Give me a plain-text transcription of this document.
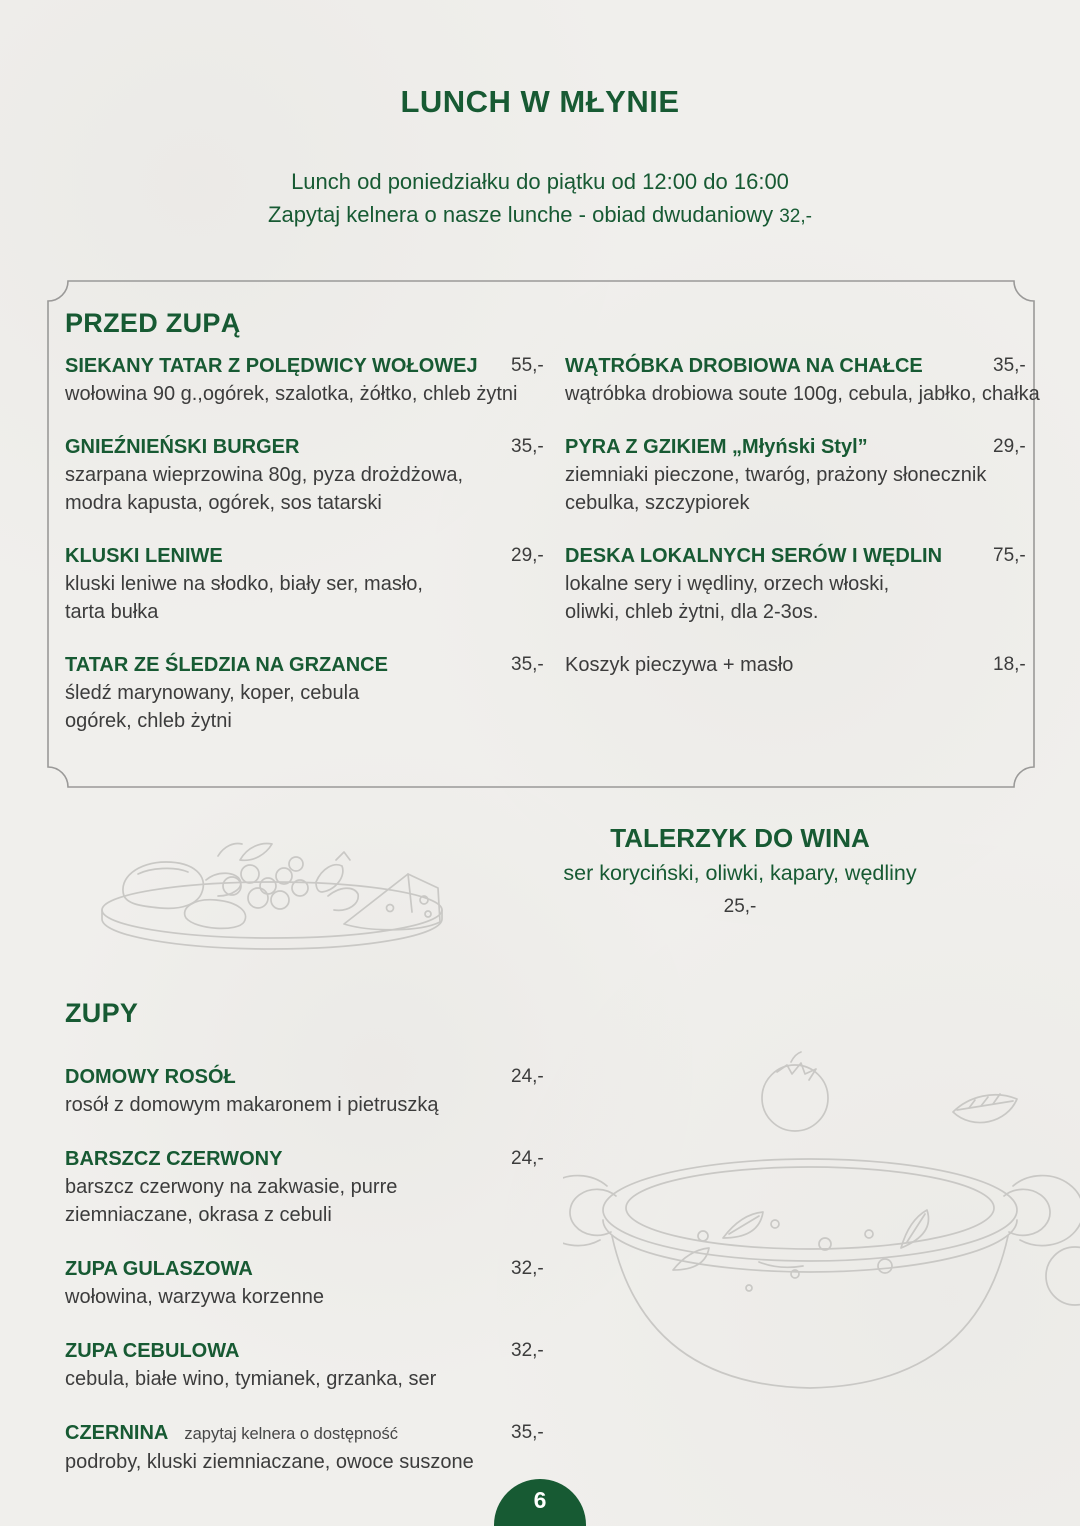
LUNCH W MŁYNIE
Lunch od poniedziałku do piątku od 12:00 do 16:00
Zapytaj kelnera o nasze lunche - obiad dwudaniowy 32,-
PRZED ZUPĄ
SIEKANY TATAR Z POLĘDWICY WOŁOWEJ 55,-
wołowina 90 g.,ogórek, szalotka, żółtko, chleb żytni
GNIEŹNIEŃSKI BURGER	35,-
szarpana wieprzowina 80g, pyza drożdżowa,
modra kapusta, ogórek, sos tatarski
KLUSKI LENIWE	29,-
kluski leniwe na słodko, biały ser, masło,
tarta bułka
TATAR ZE ŚLEDZIA NA GRZANCE	35,-
śledź marynowany, koper, cebula
ogórek, chleb żytni
WĄTRÓBKA DROBIOWA NA CHAŁCE	35,-
wątróbka drobiowa soute 100g, cebula, jabłko, chałka
PYRA Z GZIKIEM „Młyński Styl”	29,-
ziemniaki pieczone, twaróg, prażony słonecznik
cebulka, szczypiorek
DESKA LOKALNYCH SERÓW I WĘDLIN	75,-
lokalne sery i wędliny, orzech włoski,
oliwki, chleb żytni, dla 2-3os.
Koszyk pieczywa + masło	18,-
TALERZYK DO WINA
ser koryciński, oliwki, kapary, wędliny
25,-
ZUPY
DOMOWY ROSÓŁ	24,-
rosół z domowym makaronem i pietruszką
BARSZCZ CZERWONY	24,-
barszcz czerwony na zakwasie, purre
ziemniaczane, okrasa z cebuli
ZUPA GULASZOWA	32,-
wołowina, warzywa korzenne
ZUPA CEBULOWA	32,-
cebula, białe wino, tymianek, grzanka, ser
CZERNINA zapytaj kelnera o dostępność	35,-
podroby, kluski ziemniaczane, owoce suszone
6
